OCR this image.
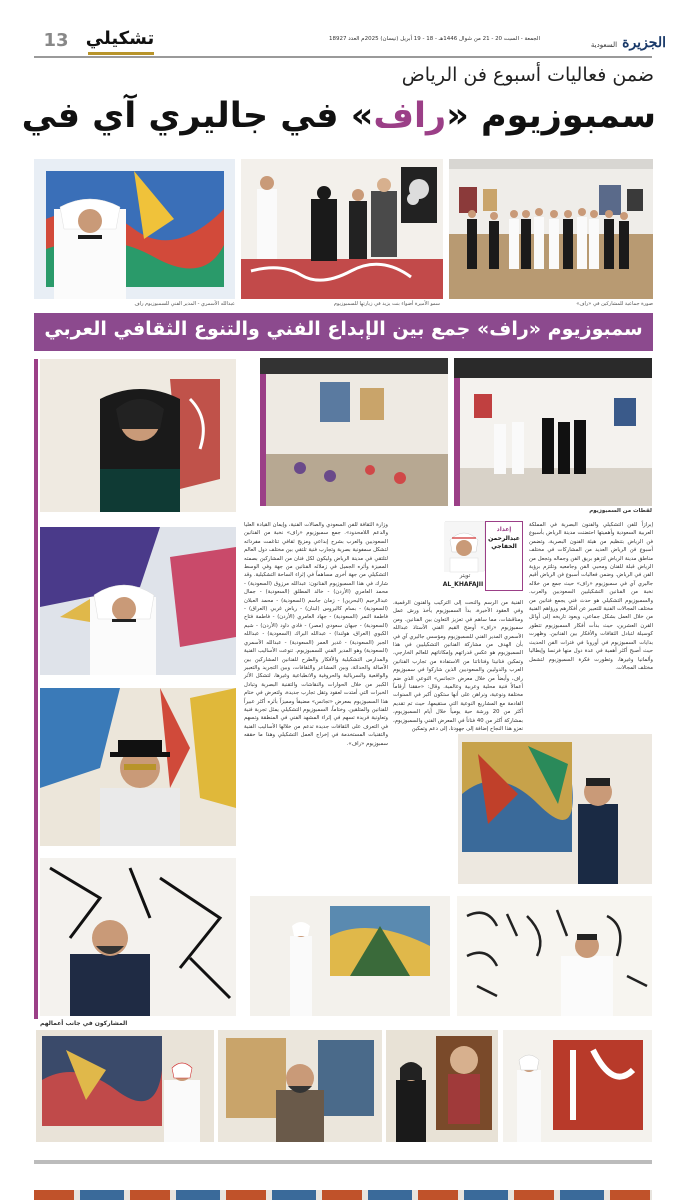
الجزيرة السعودية
الجمعة - السبت 20 - 21 من شوال 1446هـ - 18 - 19 أبريل (نيسان) 2025م العدد 18927
تشكيلي
13
ضمن فعاليات أسبوع فن الرياض
سمبوزيوم «راف» في جاليري آي في
صورة جماعية للمشاركين في «راف»
سمو الأميرة أضواء بنت يزيد في زيارتها للسمبوزيوم
عبدالله الأسمري - المدير الفني للسمبوزيوم راف
سمبوزيوم «راف» جمع بين الإبداع الفني والتنوع الثقافي العربي
لقطات من السمبوزيوم
المشاركون في جانب أعمالهم
إبرازاً للفن التشكيلي والفنون البصرية في المملكة العربية السعودية وأهميتها احتضنت مدينة الرياض بأسبوع فن الرياض بتنظيم من هيئة الفنون البصرية، وتضمن أسبوع فن الرياض العديد من المشاركات في مختلف مناطق مدينة الرياض لتزهو بريق الفن وجماله وتجعل من الرياض قبلة للفنان ومحبي الفن وجامعيه وتلتزم برؤية الفن في الرياض. وضمن فعاليات أسبوع فن الرياض أقيم جاليري آي في سمبوزيوم «راف» حيث جمع من خلاله نخبة من الفنانين التشكيليين السعوديين والعرب. والسمبوزيوم التشكيلي هو حدث فني يجمع فنانين من مختلف المجالات الفنية للتعبير عن أفكارهم ورؤاهم الفنية من خلال العمل بشكل جماعي، ويعود تاريخه إلى أوائل القرن العشرين، حيث بدأت أفكار السمبوزيوم تتطور كوسيلة لتبادل الثقافات والأفكار بين الفنانين. وظهرت بدايات السمبوزيوم في أوروبا في فترات الفن الحديث حيث أصبح أكثر أهمية في عدة دول منها فرنسا وإيطاليا وألمانيا وغيرها، وتطورت فكرة السمبوزيوم لتشمل مختلف المجالات.
إعداد
عبدالرحمن الخفاجي
تويتر
AL_KHAFAJII
الفنية من الرسم والنحت إلى التركيب والفنون الرقمية، وفي العقود الأخيرة، بدأ السمبوزيوم يأخذ ورش عمل ومناقشات، مما ساهم في تعزيز التعاون بين الفنانين. ومن سمبوزيوم «راف» أوضح القيم الفني الأستاذ عبدالله الأسمري المدير الفني للسمبوزيوم ومؤسس جاليري آي في بأن الهدف من مشاركة الفنانين التشكيليين في هذا السمبوزيوم هو عكس قدراتهم وإمكاناتهم للعالم الخارجي، وتمكين فنانينا وفناناتنا من الاستفادة من تجارب الفنانين العرب والدوليين والسعوديين الذين شاركوا في سمبوزيوم راف، وأيضاً من خلال معرض «تجانس» النوعي الذي ضم أعمالاً فنية محلية وعربية وعالمية. وقال: «حققنا أرقاماً مختلفة ونوعية، ونراهن على أنها ستكون أكبر في السنوات القادمة مع المشاريع النوعية التي ستقيمها، حيث تم تقديم أكثر من 20 ورشة حية يومياً خلال أيام السمبوزيوم، بمشاركة أكثر من 40 فناناً في المعرض الفني والسمبوزيوم، نعزو هذا النجاح إضافة إلى جهودنا، إلى دعم وتمكين
وزارة الثقافة للفن السعودي والصالات الفنية، وإيمان القيادة العليا والدعم اللامحدود». جمع سمبوزيوم «راف» نخبة من الفنانين السعوديين والعرب بشرح إبداعي ومزيج ثقافي تناغمت مفرداته لتشكل سمفونية بصرية وتجارب فنية تلتقي بين مختلف دول العالم لتلتقي في مدينة الرياض وليكون لكل فنان من المشاركين بصمته المميزة وأثره الجميل في زملائه الفنانين من جهة وفي الوسط التشكيلي من جهة أخرى مساهماً في إثراء الساحة التشكيلية. وقد شارك في هذا السمبوزيوم الفنانون: عبدالله مرزوق (السعودية) - محمد العامري (الأردن) - خالد المطلق (السعودية) - جمال عبدالرحيم (البحرين) - زمان جاسم (السعودية) - محمد العبلان (السعودية) - بسام كاليروس (لبنان) - رياض غربي (العراق) - فاطمة النمر (السعودية) - جهاد العامري (الأردن) - فاطمة فتاح (السعودية) - جيهان سعودي (مصر) - فادي داود (الأردن) - شيم الكبوي (العراق، هولندا) - عبدالله البراك (السعودية) - عبدالله الجبر (السعودية) - غدير العمر (السعودية) - عبدالله الأسمري (السعودية) وهو المدير الفني للسمبوزيوم. تنوعت الأساليب الفنية والمدارس التشكيلية والأفكار والطرح للفنانين المشاركين بين الأصالة والحداثة، وبين المشاعر والثقافات، وبين التجريد والتعبير والواقعية والسريالية والحروفية والانطباعية وغيرها، لتشكل الأثر الكبير من خلال الحوارات والنقاشات والتقنية البصرية وتبادل الخبرات التي أمتدت لعقود وتقل تجارب جديدة، ولتعرض في ختام هذا السمبوزيوم بمعرض «تجانس» مضيفاً ومميزاً بأثره أكثر عبيراً للفنانين والمتلقين. وختاماً، السمبوزيوم التشكيلي يمثل تجربة فنية وتعاونية فريدة تسهم في إثراء المشهد الفني في المنطقة وتسهم في التعرف على الثقافات جديدة تدعم من خلالها الأساليب الفنية والتقنيات المستخدمة في إخراج العمل التشكيلي وهذا ما حققه سمبوزيوم «راف».
